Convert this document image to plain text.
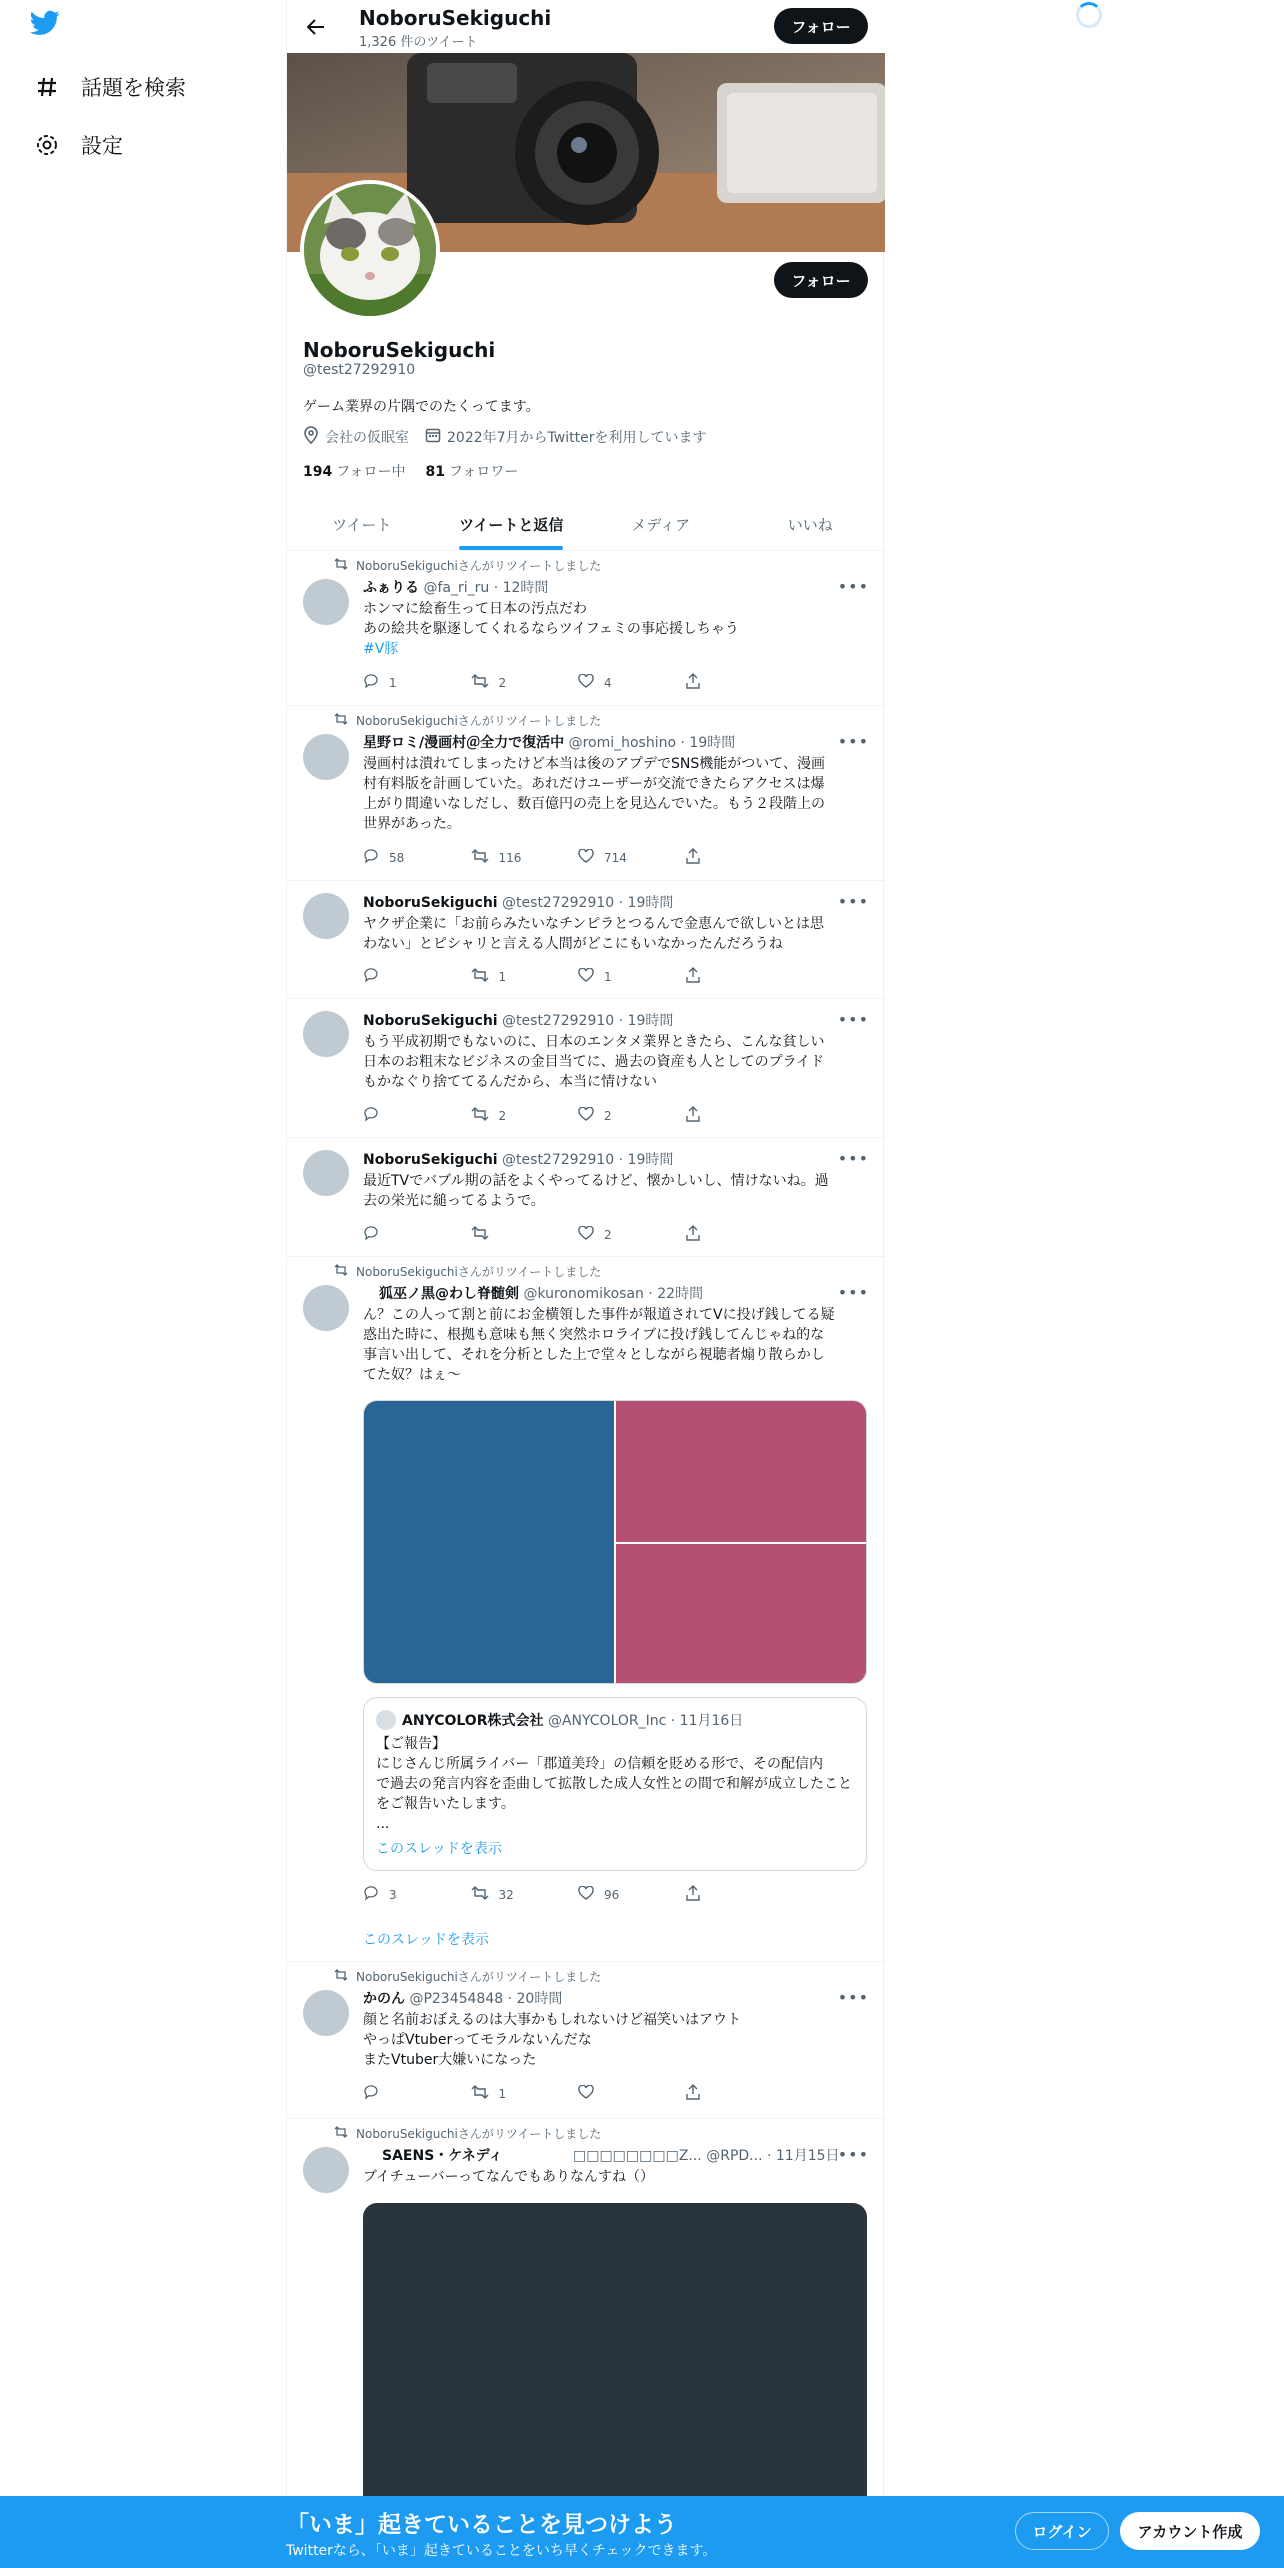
話題を検索
設定
NoboruSekiguchi
1,326 件のツイート
フォロー
フォロー
NoboruSekiguchi
@test27292910
ゲーム業界の片隅でのたくってます。
会社の仮眠室	2022年7月からTwitterを利用しています
194 フォロー中 81 フォロワー
ツイート	ツイートと返信	メディア	いいね
NoboruSekiguchiさんがリツイートしました
ふぁりる @fa_ri_ru · 12時間	•••
ホンマに絵畜生って日本の汚点だわ
あの絵共を駆逐してくれるならツイフェミの事応援しちゃう
#V豚
1	2	4
NoboruSekiguchiさんがリツイートしました
星野ロミ/漫画村＠全力で復活中 @romi_hoshino · 19時間	•••
漫画村は潰れてしまったけど本当は後のアプデでSNS機能がついて、漫画
村有料版を計画していた。あれだけユーザーが交流できたらアクセスは爆
上がり間違いなしだし、数百億円の売上を見込んでいた。もう２段階上の
世界があった。
58	116	714
NoboruSekiguchi @test27292910 · 19時間	•••
ヤクザ企業に「お前らみたいなチンピラとつるんで金恵んで欲しいとは思
わない」とピシャリと言える人間がどこにもいなかったんだろうね
1	1
NoboruSekiguchi @test27292910 · 19時間	•••
もう平成初期でもないのに、日本のエンタメ業界ときたら、こんな貧しい
日本のお粗末なビジネスの金目当てに、過去の資産も人としてのプライド
もかなぐり捨ててるんだから、本当に情けない
2	2
NoboruSekiguchi @test27292910 · 19時間	•••
最近TVでバブル期の話をよくやってるけど、懐かしいし、情けないね。過
去の栄光に縋ってるようで。
2
NoboruSekiguchiさんがリツイートしました
狐巫ノ黒@わし脊髄剣 @kuronomikosan · 22時間	•••
ん？この人って割と前にお金横領した事件が報道されてVに投げ銭してる疑
惑出た時に、根拠も意味も無く突然ホロライブに投げ銭してんじゃね的な
事言い出して、それを分析とした上で堂々としながら視聴者煽り散らかし
てた奴？はぇ〜
ANYCOLOR株式会社 @ANYCOLOR_Inc · 11月16日
【ご報告】
にじさんじ所属ライバー「郡道美玲」の信頼を貶める形で、その配信内
で過去の発言内容を歪曲して拡散した成人女性との間で和解が成立したこと
をご報告いたします。
...
このスレッドを表示
3	32	96
このスレッドを表示
NoboruSekiguchiさんがリツイートしました
かのん @P23454848 · 20時間	•••
顔と名前おぼえるのは大事かもしれないけど福笑いはアウト
やっぱVtuberってモラルないんだな
またVtuber大嫌いになった
1
NoboruSekiguchiさんがリツイートしました
SAENS・ケネディ	□□□□□□□□Z... @RPD... · 11月15日
•••
ブイチューバーってなんでもありなんすね（）
「いま」起きていることを見つけよう
Twitterなら、「いま」起きていることをいち早くチェックできます。
ログイン	アカウント作成
